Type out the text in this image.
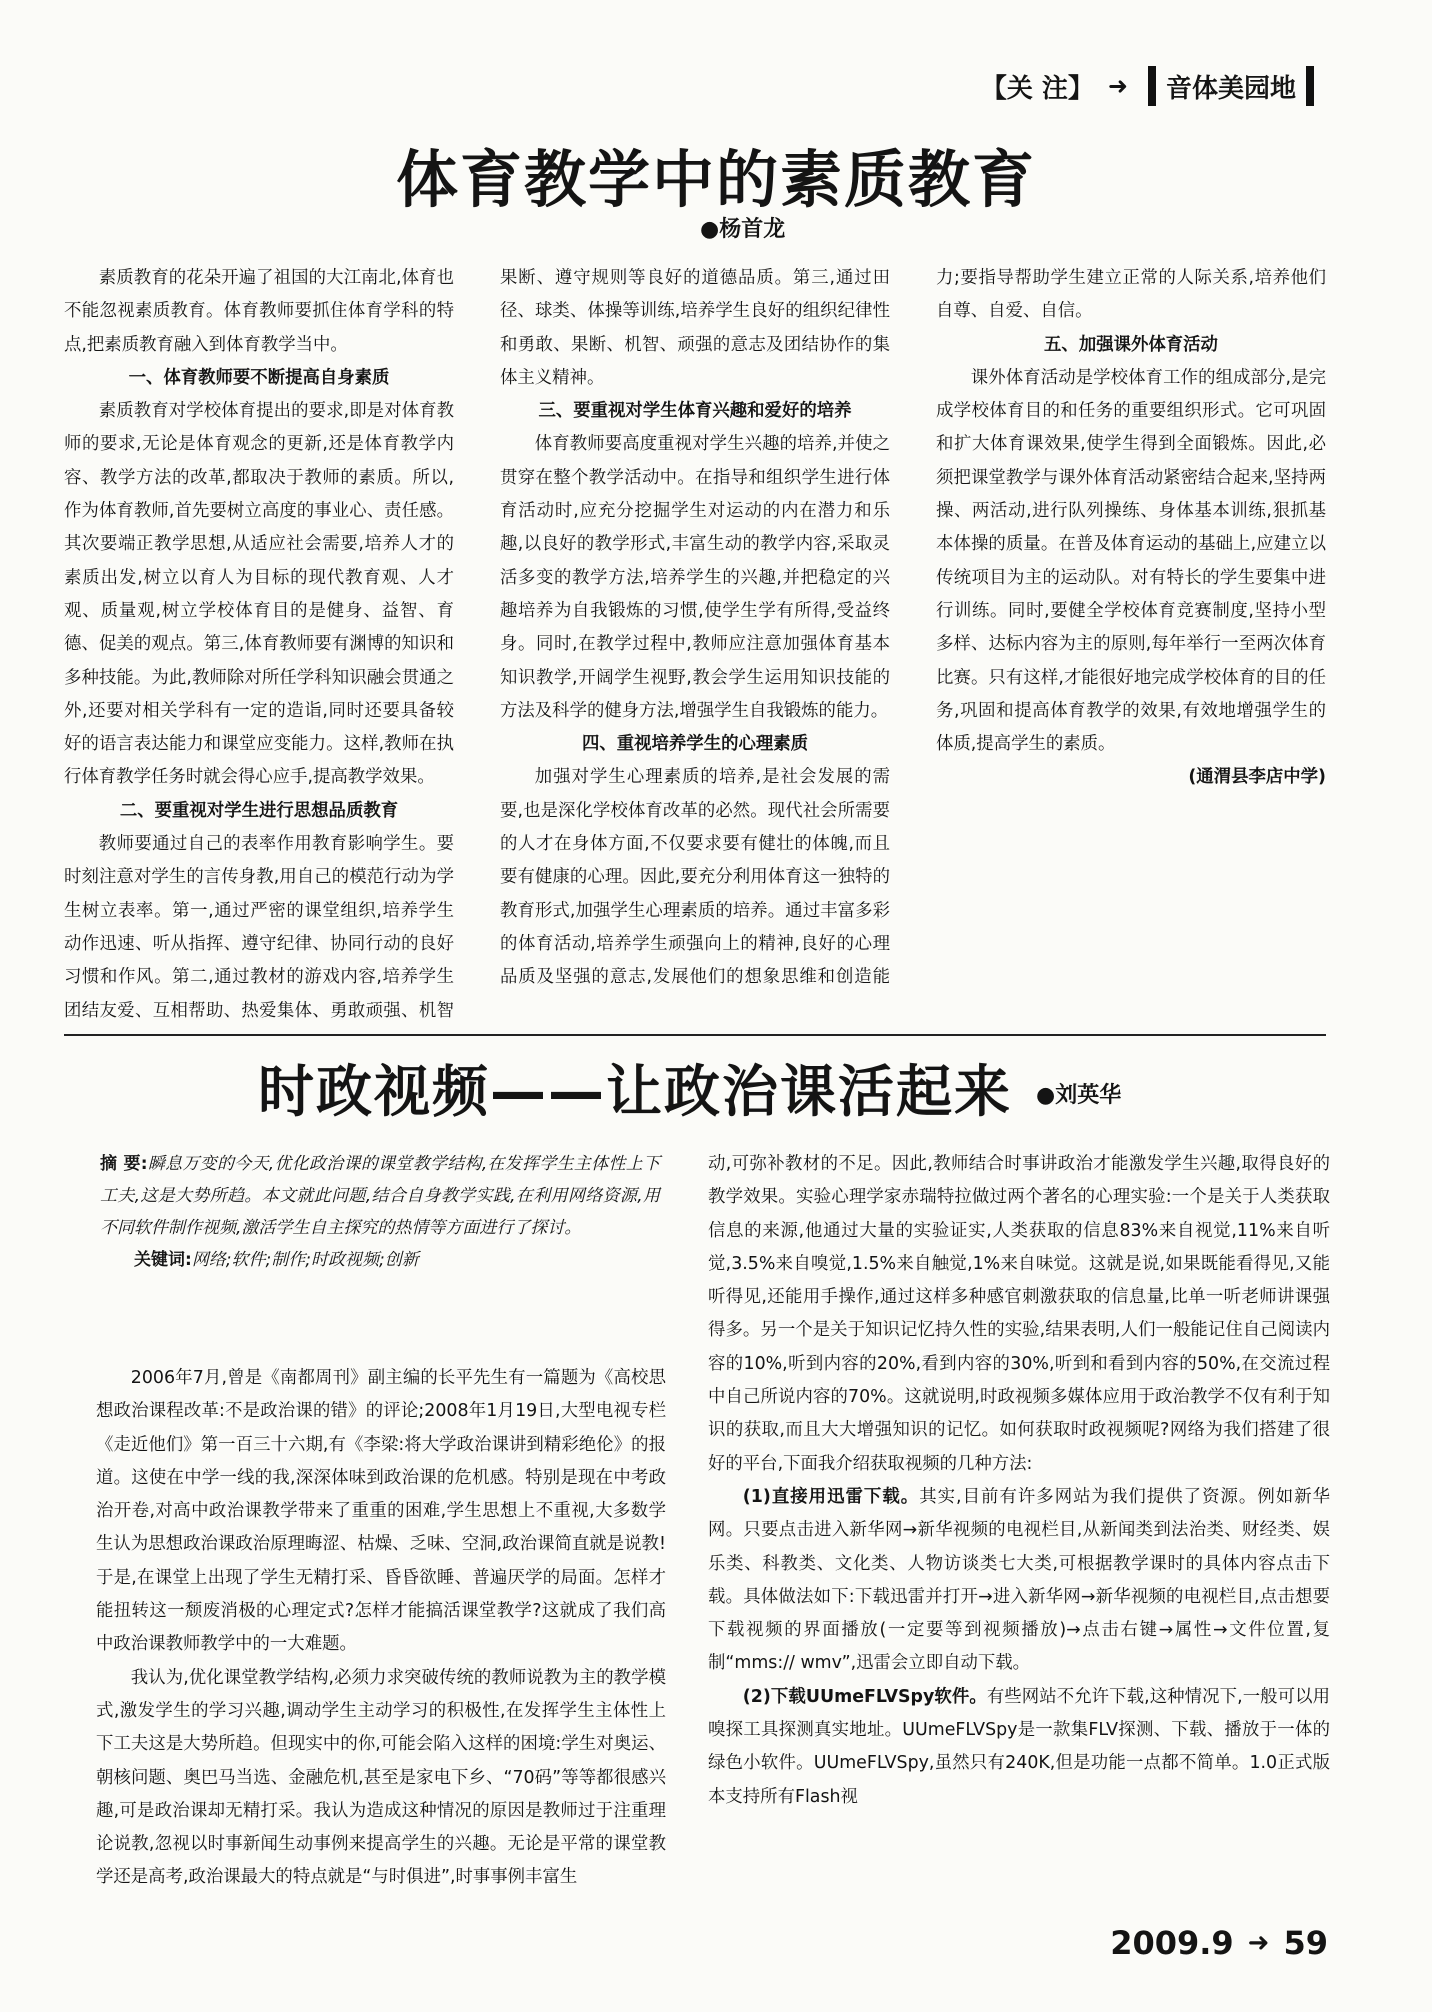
【关 注】 ➜ 音体美园地
体育教学中的素质教育
●杨首龙

素质教育的花朵开遍了祖国的大江南北,体育也不能忽视素质教育。体育教师要抓住体育学科的特点,把素质教育融入到体育教学当中。

一、体育教师要不断提高自身素质

素质教育对学校体育提出的要求,即是对体育教师的要求,无论是体育观念的更新,还是体育教学内容、教学方法的改革,都取决于教师的素质。所以,作为体育教师,首先要树立高度的事业心、责任感。其次要端正教学思想,从适应社会需要,培养人才的素质出发,树立以育人为目标的现代教育观、人才观、质量观,树立学校体育目的是健身、益智、育德、促美的观点。第三,体育教师要有渊博的知识和多种技能。为此,教师除对所任学科知识融会贯通之外,还要对相关学科有一定的造诣,同时还要具备较好的语言表达能力和课堂应变能力。这样,教师在执行体育教学任务时就会得心应手,提高教学效果。

二、要重视对学生进行思想品质教育

教师要通过自己的表率作用教育影响学生。要时刻注意对学生的言传身教,用自己的模范行动为学生树立表率。第一,通过严密的课堂组织,培养学生动作迅速、听从指挥、遵守纪律、协同行动的良好习惯和作风。第二,通过教材的游戏内容,培养学生团结友爱、互相帮助、热爱集体、勇敢顽强、机智果断、遵守规则等良好的道德品质。第三,通过田径、球类、体操等训练,培养学生良好的组织纪律性和勇敢、果断、机智、顽强的意志及团结协作的集体主义精神。

三、要重视对学生体育兴趣和爱好的培养

体育教师要高度重视对学生兴趣的培养,并使之贯穿在整个教学活动中。在指导和组织学生进行体育活动时,应充分挖掘学生对运动的内在潜力和乐趣,以良好的教学形式,丰富生动的教学内容,采取灵活多变的教学方法,培养学生的兴趣,并把稳定的兴趣培养为自我锻炼的习惯,使学生学有所得,受益终身。同时,在教学过程中,教师应注意加强体育基本知识教学,开阔学生视野,教会学生运用知识技能的方法及科学的健身方法,增强学生自我锻炼的能力。

四、重视培养学生的心理素质

加强对学生心理素质的培养,是社会发展的需要,也是深化学校体育改革的必然。现代社会所需要的人才在身体方面,不仅要求要有健壮的体魄,而且要有健康的心理。因此,要充分利用体育这一独特的教育形式,加强学生心理素质的培养。通过丰富多彩的体育活动,培养学生顽强向上的精神,良好的心理品质及坚强的意志,发展他们的想象思维和创造能力;要指导帮助学生建立正常的人际关系,培养他们自尊、自爱、自信。

五、加强课外体育活动

课外体育活动是学校体育工作的组成部分,是完成学校体育目的和任务的重要组织形式。它可巩固和扩大体育课效果,使学生得到全面锻炼。因此,必须把课堂教学与课外体育活动紧密结合起来,坚持两操、两活动,进行队列操练、身体基本训练,狠抓基本体操的质量。在普及体育运动的基础上,应建立以传统项目为主的运动队。对有特长的学生要集中进行训练。同时,要健全学校体育竞赛制度,坚持小型多样、达标内容为主的原则,每年举行一至两次体育比赛。只有这样,才能很好地完成学校体育的目的任务,巩固和提高体育教学的效果,有效地增强学生的体质,提高学生的素质。

(通渭县李店中学)

时政视频——让政治课活起来 ●刘英华

摘 要:瞬息万变的今天,优化政治课的课堂教学结构,在发挥学生主体性上下工夫,这是大势所趋。本文就此问题,结合自身教学实践,在利用网络资源,用不同软件制作视频,激活学生自主探究的热情等方面进行了探讨。

关键词:网络;软件;制作;时政视频;创新

2006年7月,曾是《南都周刊》副主编的长平先生有一篇题为《高校思想政治课程改革:不是政治课的错》的评论;2008年1月19日,大型电视专栏《走近他们》第一百三十六期,有《李梁:将大学政治课讲到精彩绝伦》的报道。这使在中学一线的我,深深体味到政治课的危机感。特别是现在中考政治开卷,对高中政治课教学带来了重重的困难,学生思想上不重视,大多数学生认为思想政治课政治原理晦涩、枯燥、乏味、空洞,政治课简直就是说教!于是,在课堂上出现了学生无精打采、昏昏欲睡、普遍厌学的局面。怎样才能扭转这一颓废消极的心理定式?怎样才能搞活课堂教学?这就成了我们高中政治课教师教学中的一大难题。

我认为,优化课堂教学结构,必须力求突破传统的教师说教为主的教学模式,激发学生的学习兴趣,调动学生主动学习的积极性,在发挥学生主体性上下工夫这是大势所趋。但现实中的你,可能会陷入这样的困境:学生对奥运、朝核问题、奥巴马当选、金融危机,甚至是家电下乡、“70码”等等都很感兴趣,可是政治课却无精打采。我认为造成这种情况的原因是教师过于注重理论说教,忽视以时事新闻生动事例来提高学生的兴趣。无论是平常的课堂教学还是高考,政治课最大的特点就是“与时俱进”,时事事例丰富生

动,可弥补教材的不足。因此,教师结合时事讲政治才能激发学生兴趣,取得良好的教学效果。实验心理学家赤瑞特拉做过两个著名的心理实验:一个是关于人类获取信息的来源,他通过大量的实验证实,人类获取的信息83%来自视觉,11%来自听觉,3.5%来自嗅觉,1.5%来自触觉,1%来自味觉。这就是说,如果既能看得见,又能听得见,还能用手操作,通过这样多种感官刺激获取的信息量,比单一听老师讲课强得多。另一个是关于知识记忆持久性的实验,结果表明,人们一般能记住自己阅读内容的10%,听到内容的20%,看到内容的30%,听到和看到内容的50%,在交流过程中自己所说内容的70%。这就说明,时政视频多媒体应用于政治教学不仅有利于知识的获取,而且大大增强知识的记忆。如何获取时政视频呢?网络为我们搭建了很好的平台,下面我介绍获取视频的几种方法:

(1)直接用迅雷下载。其实,目前有许多网站为我们提供了资源。例如新华网。只要点击进入新华网→新华视频的电视栏目,从新闻类到法治类、财经类、娱乐类、科教类、文化类、人物访谈类七大类,可根据教学课时的具体内容点击下载。具体做法如下:下载迅雷并打开→进入新华网→新华视频的电视栏目,点击想要下载视频的界面播放(一定要等到视频播放)→点击右键→属性→文件位置,复制“mms:// wmv”,迅雷会立即自动下载。

(2)下载UUmeFLVSpy软件。有些网站不允许下载,这种情况下,一般可以用嗅探工具探测真实地址。UUmeFLVSpy是一款集FLV探测、下载、播放于一体的绿色小软件。UUmeFLVSpy,虽然只有240K,但是功能一点都不简单。1.0正式版本支持所有Flash视

2009.9 ➜ 59
